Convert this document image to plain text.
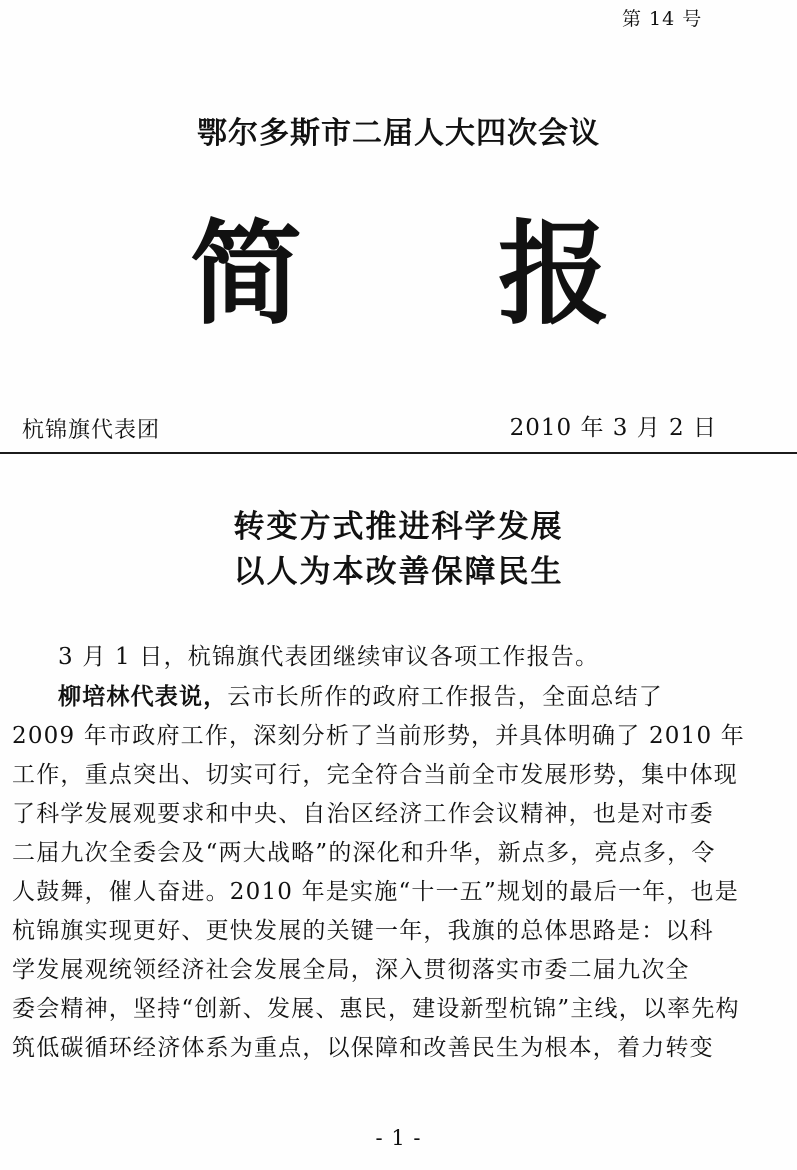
第 14 号
鄂尔多斯市二届人大四次会议
简 报
杭锦旗代表团	2010 年 3 月 2 日
转变方式推进科学发展
以人为本改善保障民生
3 月 1 日，杭锦旗代表团继续审议各项工作报告。
柳培林代表说，云市长所作的政府工作报告，全面总结了
2009 年市政府工作，深刻分析了当前形势，并具体明确了 2010 年
工作，重点突出、切实可行，完全符合当前全市发展形势，集中体现
了科学发展观要求和中央、自治区经济工作会议精神，也是对市委
二届九次全委会及“两大战略”的深化和升华，新点多，亮点多，令
人鼓舞，催人奋进。2010 年是实施“十一五”规划的最后一年，也是
杭锦旗实现更好、更快发展的关键一年，我旗的总体思路是：以科
学发展观统领经济社会发展全局，深入贯彻落实市委二届九次全
委会精神，坚持“创新、发展、惠民，建设新型杭锦”主线，以率先构
筑低碳循环经济体系为重点，以保障和改善民生为根本，着力转变
- 1 -
